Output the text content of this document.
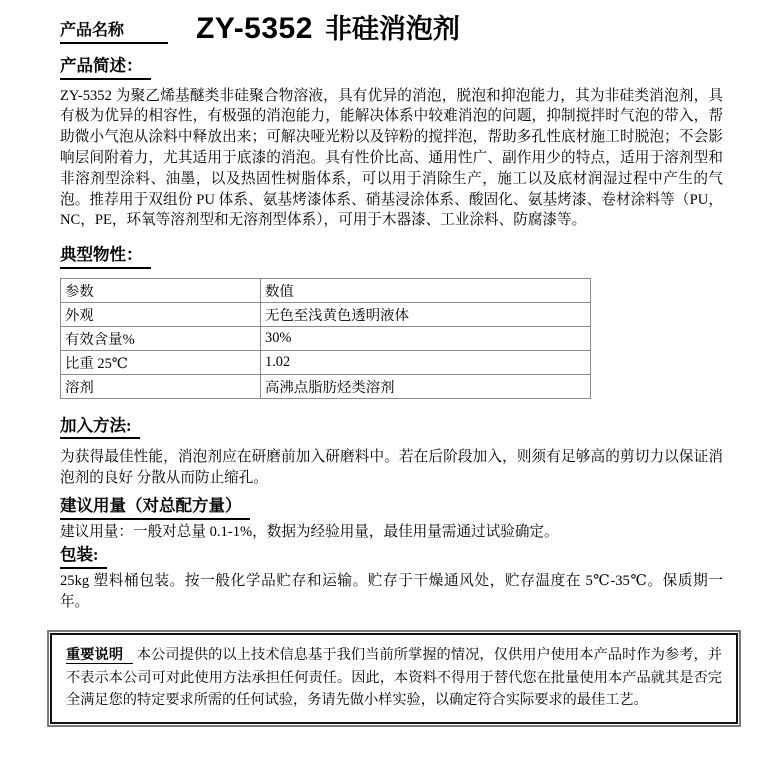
产品名称	ZY-5352 非硅消泡剂
产品简述：
ZY-5352 为聚乙烯基醚类非硅聚合物溶液，具有优异的消泡，脱泡和抑泡能力，其为非硅类消泡剂，具有极为优异的相容性，有极强的消泡能力，能解决体系中较难消泡的问题，抑制搅拌时气泡的带入，帮助微小气泡从涂料中释放出来；可解决哑光粉以及锌粉的搅拌泡，帮助多孔性底材施工时脱泡；不会影响层间附着力，尤其适用于底漆的消泡。具有性价比高、通用性广、副作用少的特点，适用于溶剂型和非溶剂型涂料、油墨，以及热固性树脂体系，可以用于消除生产，施工以及底材润湿过程中产生的气泡。推荐用于双组份 PU 体系、氨基烤漆体系、硝基浸涂体系、酸固化、氨基烤漆、卷材涂料等（PU，NC，PE，环氧等溶剂型和无溶剂型体系），可用于木器漆、工业涂料、防腐漆等。
典型物性：
参数	数值
外观	无色至浅黄色透明液体
有效含量%	30%
比重 25℃	1.02
溶剂	高沸点脂肪烃类溶剂
加入方法:
为获得最佳性能，消泡剂应在研磨前加入研磨料中。若在后阶段加入，则须有足够高的剪切力以保证消泡剂的良好 分散从而防止缩孔。
建议用量（对总配方量）
建议用量：一般对总量 0.1-1%，数据为经验用量，最佳用量需通过试验确定。
包装:
25kg 塑料桶包装。按一般化学品贮存和运输。贮存于干燥通风处，贮存温度在 5℃-35℃。保质期一年。
重要说明 本公司提供的以上技术信息基于我们当前所掌握的情况，仅供用户使用本产品时作为参考，并不表示本公司可对此使用方法承担任何责任。因此，本资料不得用于替代您在批量使用本产品就其是否完全满足您的特定要求所需的任何试验，务请先做小样实验，以确定符合实际要求的最佳工艺。
